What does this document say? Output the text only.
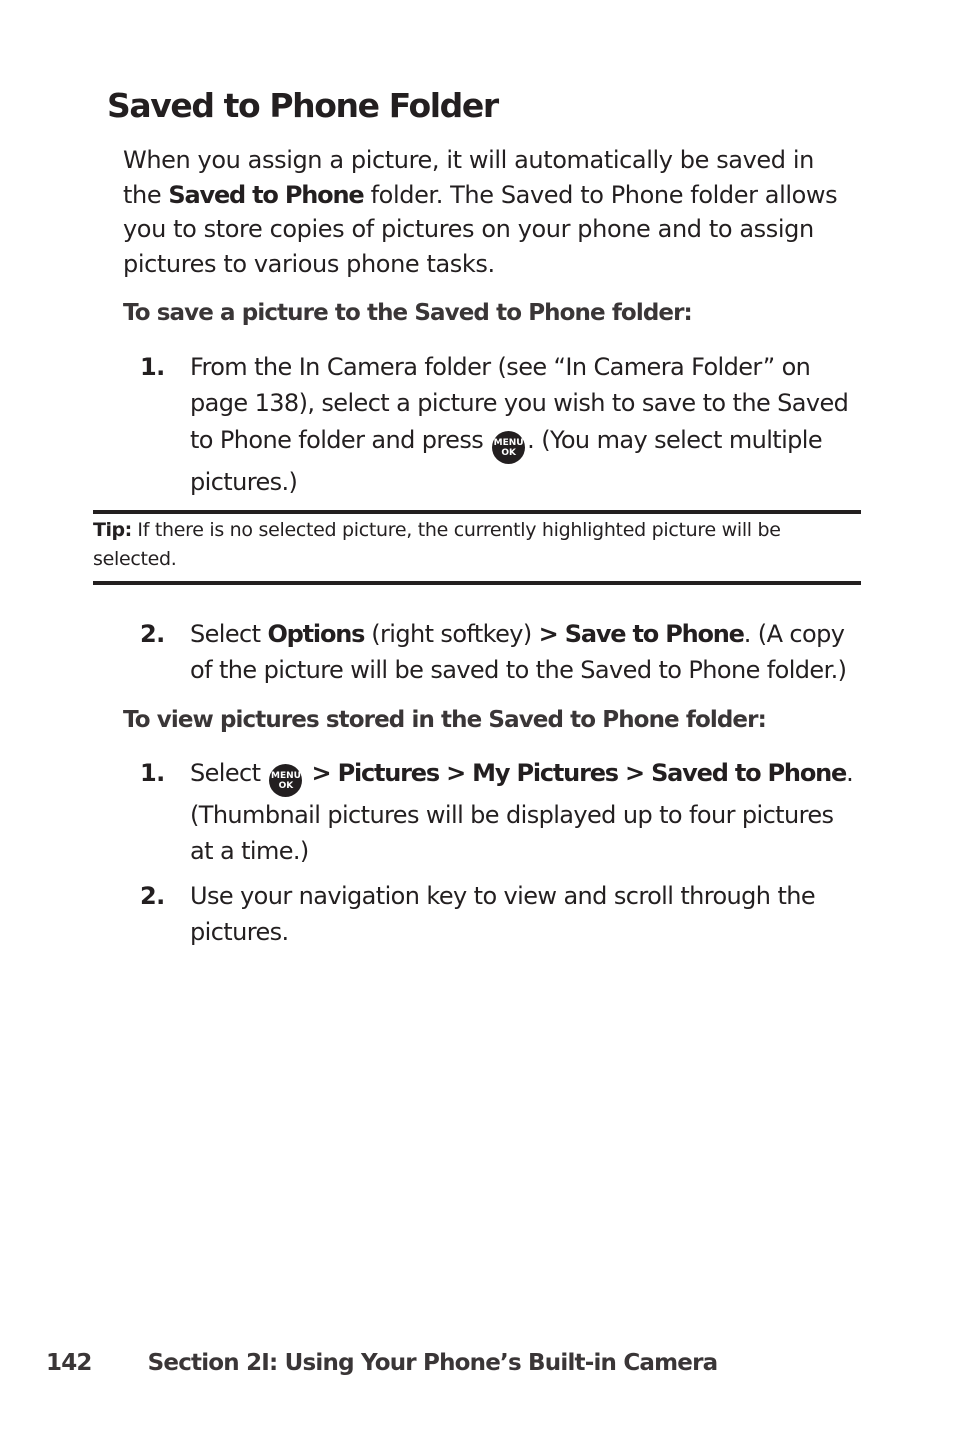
Saved to Phone Folder

When you assign a picture, it will automatically be saved in the Saved to Phone folder. The Saved to Phone folder allows you to store copies of pictures on your phone and to assign pictures to various phone tasks.

To save a picture to the Saved to Phone folder:

1.	From the In Camera folder (see “In Camera Folder” on page 138), select a picture you wish to save to the Saved to Phone folder and press MENU
OK . (You may select multiple pictures.)

Tip: If there is no selected picture, the currently highlighted picture will be selected.

2.	Select Options (right softkey) > Save to Phone. (A copy of the picture will be saved to the Saved to Phone folder.)

To view pictures stored in the Saved to Phone folder:

1.	Select MENU
OK > Pictures > My Pictures > Saved to Phone. (Thumbnail pictures will be displayed up to four pictures at a time.)
2.	Use your navigation key to view and scroll through the pictures.
142 Section 2I: Using Your Phone’s Built-in Camera
